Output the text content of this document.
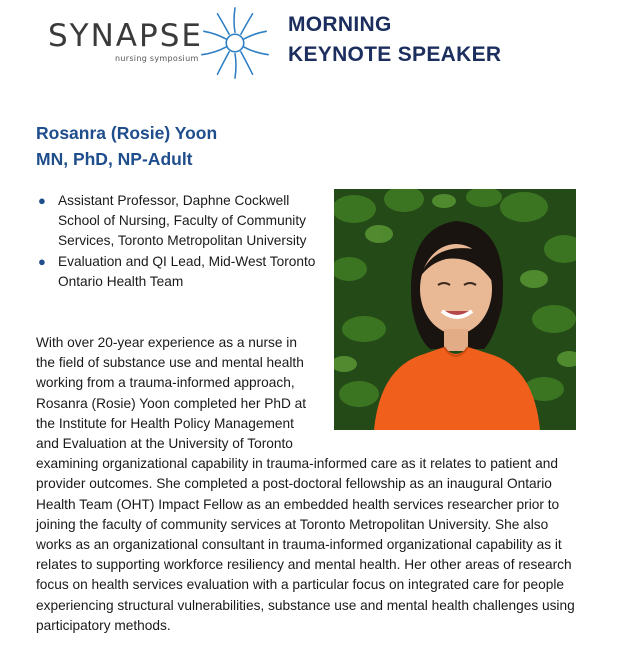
SYNAPSE
nursing symposium
MORNING
KEYNOTE SPEAKER
Rosanra (Rosie) Yoon
MN, PhD, NP-Adult
● Assistant Professor, Daphne Cockwell School of Nursing, Faculty of Community Services, Toronto Metropolitan University
● Evaluation and QI Lead, Mid-West Toronto Ontario Health Team
With over 20-year experience as a nurse in the field of substance use and mental health working from a trauma-informed approach, Rosanra (Rosie) Yoon completed her PhD at the Institute for Health Policy Management and Evaluation at the University of Toronto examining organizational capability in trauma-informed care as it relates to patient and provider outcomes. She completed a post-doctoral fellowship as an inaugural Ontario Health Team (OHT) Impact Fellow as an embedded health services researcher prior to joining the faculty of community services at Toronto Metropolitan University. She also works as an organizational consultant in trauma-informed organizational capability as it relates to supporting workforce resiliency and mental health. Her other areas of research focus on health services evaluation with a particular focus on integrated care for people experiencing structural vulnerabilities, substance use and mental health challenges using participatory methods.
